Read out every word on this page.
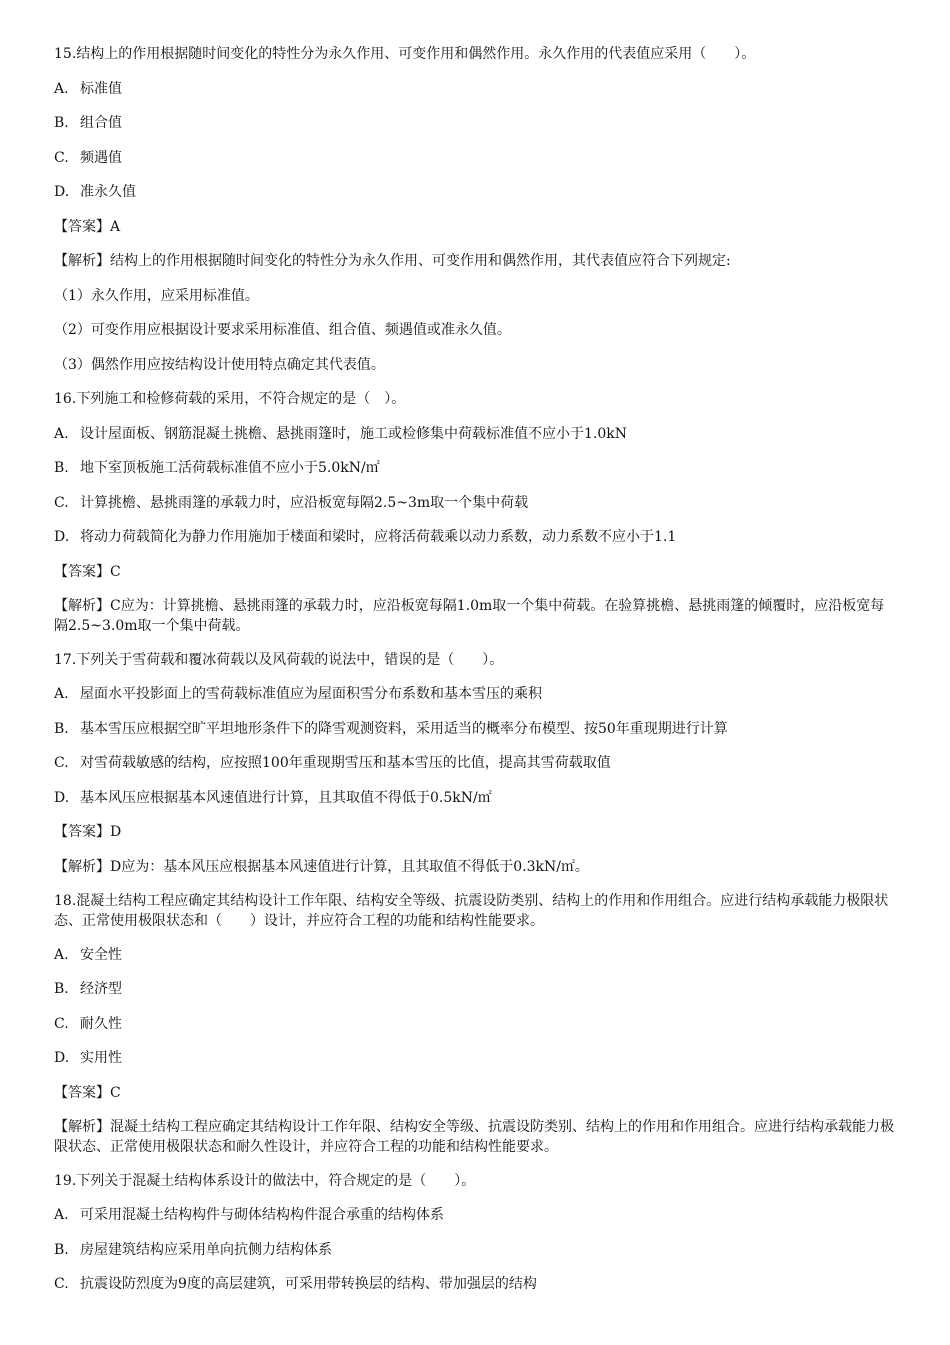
15.结构上的作用根据随时间变化的特性分为永久作用、可变作用和偶然作用。永久作用的代表值应采用（　　）。
A. 标准值
B. 组合值
C. 频遇值
D. 准永久值
【答案】A
【解析】结构上的作用根据随时间变化的特性分为永久作用、可变作用和偶然作用，其代表值应符合下列规定:
（1）永久作用，应采用标准值。
（2）可变作用应根据设计要求采用标准值、组合值、频遇值或准永久值。
（3）偶然作用应按结构设计使用特点确定其代表值。
16.下列施工和检修荷载的采用，不符合规定的是（　）。
A. 设计屋面板、钢筋混凝土挑檐、悬挑雨篷时，施工或检修集中荷载标准值不应小于1.0kN
B. 地下室顶板施工活荷载标准值不应小于5.0kN/㎡
C. 计算挑檐、悬挑雨篷的承载力时，应沿板宽每隔2.5~3m取一个集中荷载
D. 将动力荷载简化为静力作用施加于楼面和梁时，应将活荷载乘以动力系数，动力系数不应小于1.1
【答案】C
【解析】C应为：计算挑檐、悬挑雨篷的承载力时，应沿板宽每隔1.0m取一个集中荷载。在验算挑檐、悬挑雨篷的倾覆时，应沿板宽每隔2.5~3.0m取一个集中荷载。
17.下列关于雪荷载和覆冰荷载以及风荷载的说法中，错误的是（　　）。
A. 屋面水平投影面上的雪荷载标准值应为屋面积雪分布系数和基本雪压的乘积
B. 基本雪压应根据空旷平坦地形条件下的降雪观测资料，采用适当的概率分布模型、按50年重现期进行计算
C. 对雪荷载敏感的结构，应按照100年重现期雪压和基本雪压的比值，提高其雪荷载取值
D. 基本风压应根据基本风速值进行计算，且其取值不得低于0.5kN/㎡
【答案】D
【解析】D应为：基本风压应根据基本风速值进行计算，且其取值不得低于0.3kN/㎡。
18.混凝土结构工程应确定其结构设计工作年限、结构安全等级、抗震设防类别、结构上的作用和作用组合。应进行结构承载能力极限状态、正常使用极限状态和（　　）设计，并应符合工程的功能和结构性能要求。
A. 安全性
B. 经济型
C. 耐久性
D. 实用性
【答案】C
【解析】混凝土结构工程应确定其结构设计工作年限、结构安全等级、抗震设防类别、结构上的作用和作用组合。应进行结构承载能力极限状态、正常使用极限状态和耐久性设计，并应符合工程的功能和结构性能要求。
19.下列关于混凝土结构体系设计的做法中，符合规定的是（　　）。
A. 可采用混凝土结构构件与砌体结构构件混合承重的结构体系
B. 房屋建筑结构应采用单向抗侧力结构体系
C. 抗震设防烈度为9度的高层建筑，可采用带转换层的结构、带加强层的结构
